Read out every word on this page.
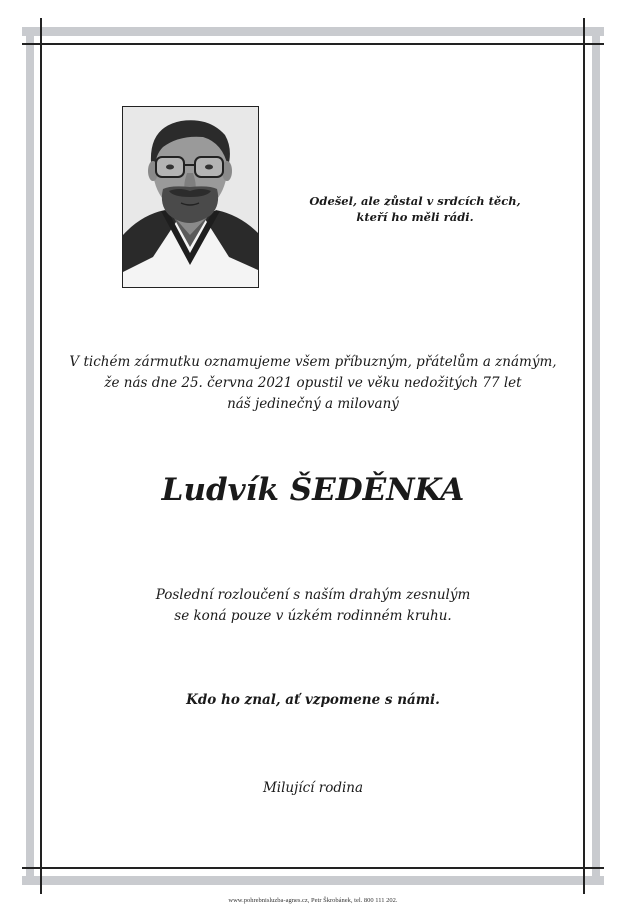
Odešel, ale zůstal v srdcích těch,
kteří ho měli rádi.
V tichém zármutku oznamujeme všem příbuzným, přátelům a známým,
že nás dne 25. června 2021 opustil ve věku nedožitých 77 let
náš jedinečný a milovaný
Ludvík ŠEDĚNKA
Poslední rozloučení s naším drahým zesnulým
se koná pouze v úzkém rodinném kruhu.
Kdo ho znal, ať vzpomene s námi.
Milující rodina
www.pohrebnisluzba-agnes.cz, Petr Škrobánek, tel. 800 111 202.
